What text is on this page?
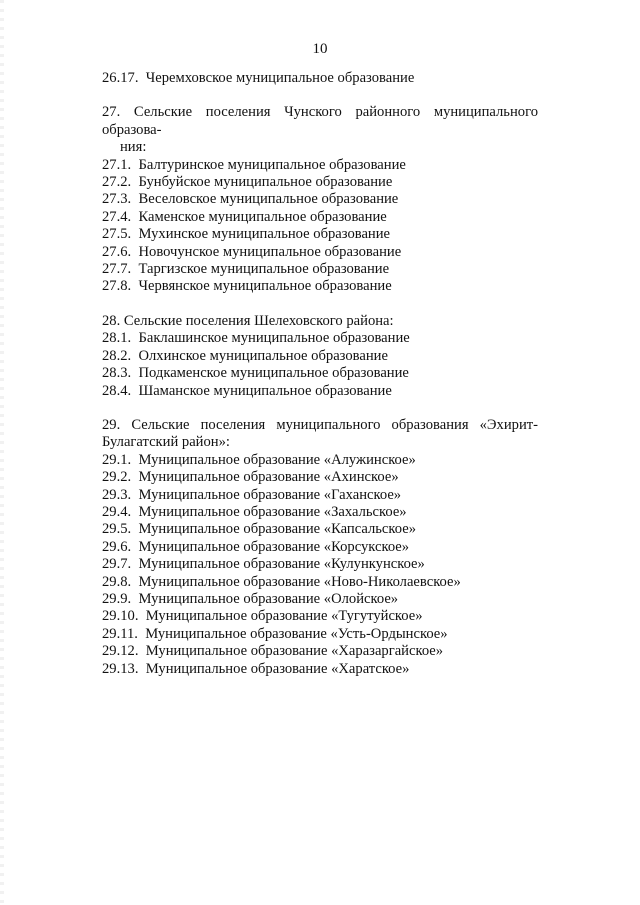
10
26.17. Черемховское муниципальное образование
27. Сельские поселения Чунского районного муниципального образова-
ния:
27.1. Балтуринское муниципальное образование
27.2. Бунбуйское муниципальное образование
27.3. Веселовское муниципальное образование
27.4. Каменское муниципальное образование
27.5. Мухинское муниципальное образование
27.6. Новочунское муниципальное образование
27.7. Таргизское муниципальное образование
27.8. Червянское муниципальное образование
28. Сельские поселения Шелеховского района:
28.1. Баклашинское муниципальное образование
28.2. Олхинское муниципальное образование
28.3. Подкаменское муниципальное образование
28.4. Шаманское муниципальное образование
29. Сельские поселения муниципального образования «Эхирит-
Булагатский район»:
29.1. Муниципальное образование «Алужинское»
29.2. Муниципальное образование «Ахинское»
29.3. Муниципальное образование «Гаханское»
29.4. Муниципальное образование «Захальское»
29.5. Муниципальное образование «Капсальское»
29.6. Муниципальное образование «Корсукское»
29.7. Муниципальное образование «Кулункунское»
29.8. Муниципальное образование «Ново-Николаевское»
29.9. Муниципальное образование «Олойское»
29.10. Муниципальное образование «Тугутуйское»
29.11. Муниципальное образование «Усть-Ордынское»
29.12. Муниципальное образование «Харазаргайское»
29.13. Муниципальное образование «Харатское»
